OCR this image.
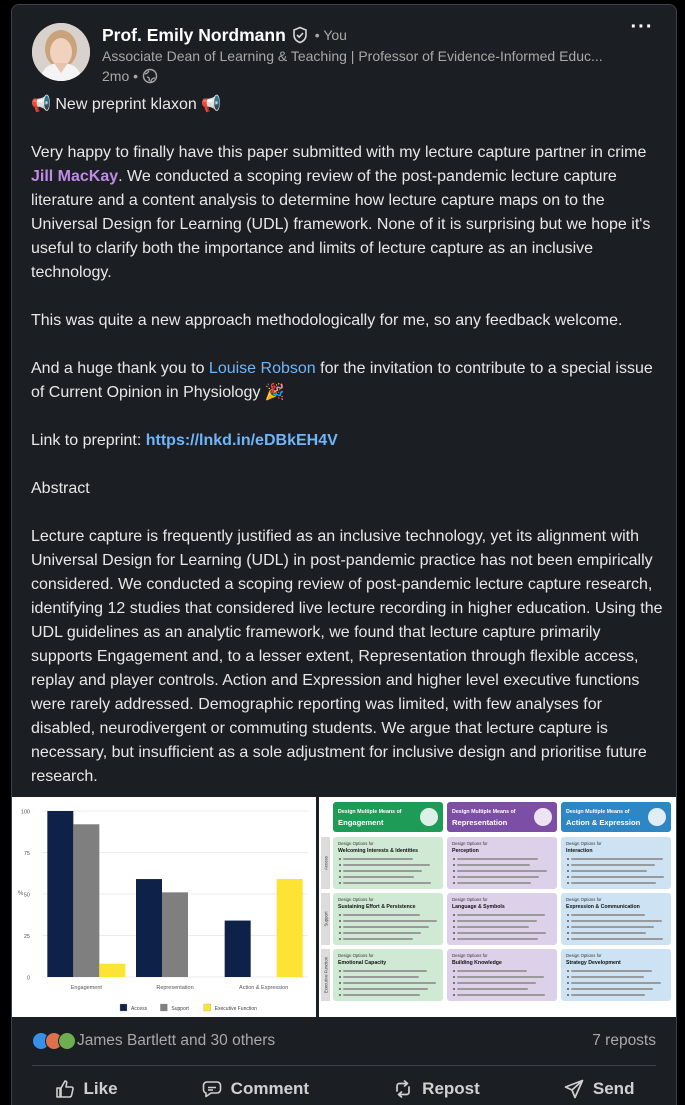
Prof. Emily Nordmann • You
Associate Dean of Learning & Teaching | Professor of Evidence-Informed Educ...
2mo •
···

📢 New preprint klaxon 📢

Very happy to finally have this paper submitted with my lecture capture partner in crime Jill MacKay. We conducted a scoping review of the post-pandemic lecture capture literature and a content analysis to determine how lecture capture maps on to the Universal Design for Learning (UDL) framework. None of it is surprising but we hope it's useful to clarify both the importance and limits of lecture capture as an inclusive technology.

This was quite a new approach methodologically for me, so any feedback welcome.

And a huge thank you to Louise Robson for the invitation to contribute to a special issue of Current Opinion in Physiology 🎉

Link to preprint: https://lnkd.in/eDBkEH4V

Abstract

Lecture capture is frequently justified as an inclusive technology, yet its alignment with Universal Design for Learning (UDL) in post-pandemic practice has not been empirically considered. We conducted a scoping review of post-pandemic lecture capture research, identifying 12 studies that considered live lecture recording in higher education. Using the UDL guidelines as an analytic framework, we found that lecture capture primarily supports Engagement and, to a lesser extent, Representation through flexible access, replay and player controls. Action and Expression and higher level executive functions were rarely addressed. Demographic reporting was limited, with few analyses for disabled, neurodivergent or commuting students. We argue that lecture capture is necessary, but insufficient as a sole adjustment for inclusive design and prioritise future research.

0
25
50
75
100
%
Engagement	Representation	Action & Expression
Access	Support	Executive Function
Design Multiple Means of
Engagement
Design Multiple Means of
Representation
Design Multiple Means of
Action & Expression
Access
Design Options for
Welcoming Interests & Identities
Design Options for
Perception
Design Options for
Interaction
Support
Design Options for
Sustaining Effort & Persistence
Design Options for
Language & Symbols
Design Options for
Expression & Communication
Executive Function
Design Options for
Emotional Capacity
Design Options for
Building Knowledge
Design Options for
Strategy Development
James Bartlett and 30 others	7 reposts
Like	Comment	Repost	Send
